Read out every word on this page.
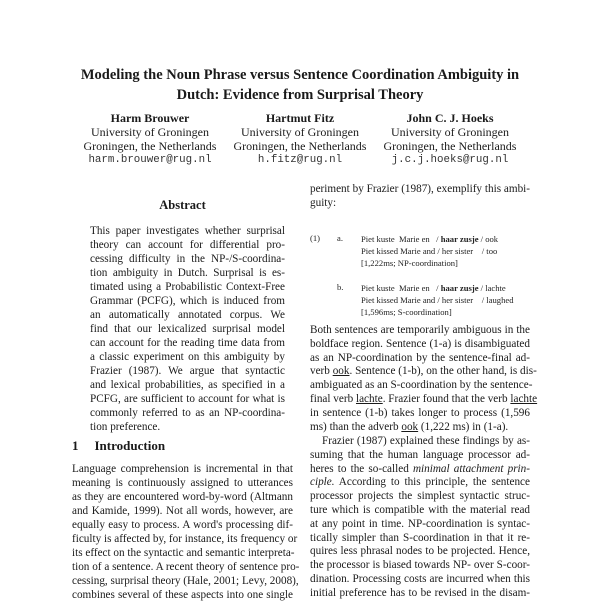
Modeling the Noun Phrase versus Sentence Coordination Ambiguity in
Dutch: Evidence from Surprisal Theory
Harm Brouwer
University of Groningen
Groningen, the Netherlands
harm.brouwer@rug.nl
Hartmut Fitz
University of Groningen
Groningen, the Netherlands
h.fitz@rug.nl
John C. J. Hoeks
University of Groningen
Groningen, the Netherlands
j.c.j.hoeks@rug.nl
Abstract
This paper investigates whether surprisal
theory can account for differential pro-
cessing difficulty in the NP-/S-coordina-
tion ambiguity in Dutch. Surprisal is es-
timated using a Probabilistic Context-Free
Grammar (PCFG), which is induced from
an automatically annotated corpus. We
find that our lexicalized surprisal model
can account for the reading time data from
a classic experiment on this ambiguity by
Frazier (1987). We argue that syntactic
and lexical probabilities, as specified in a
PCFG, are sufficient to account for what is
commonly referred to as an NP-coordina-
tion preference.
1 Introduction
Language comprehension is incremental in that
meaning is continuously assigned to utterances
as they are encountered word-by-word (Altmann
and Kamide, 1999). Not all words, however, are
equally easy to process. A word's processing dif-
ficulty is affected by, for instance, its frequency or
its effect on the syntactic and semantic interpreta-
tion of a sentence. A recent theory of sentence pro-
cessing, surprisal theory (Hale, 2001; Levy, 2008),
combines several of these aspects into one single
periment by Frazier (1987), exemplify this ambi-
guity:
(1) a. Piet kuste  Marie en   / haar zusje / ook
Piet kissed Marie and / her sister    / too
[1,222ms; NP-coordination]
b. Piet kuste  Marie en   / haar zusje / lachte
Piet kissed Marie and / her sister    / laughed
[1,596ms; S-coordination]
Both sentences are temporarily ambiguous in the
boldface region. Sentence (1-a) is disambiguated
as an NP-coordination by the sentence-final ad-
verb ook. Sentence (1-b), on the other hand, is dis-
ambiguated as an S-coordination by the sentence-
final verb lachte. Frazier found that the verb lachte
in sentence (1-b) takes longer to process (1,596
ms) than the adverb ook (1,222 ms) in (1-a).
Frazier (1987) explained these findings by as-
suming that the human language processor ad-
heres to the so-called minimal attachment prin-
ciple. According to this principle, the sentence
processor projects the simplest syntactic struc-
ture which is compatible with the material read
at any point in time. NP-coordination is syntac-
tically simpler than S-coordination in that it re-
quires less phrasal nodes to be projected. Hence,
the processor is biased towards NP- over S-coor-
dination. Processing costs are incurred when this
initial preference has to be revised in the disam-
